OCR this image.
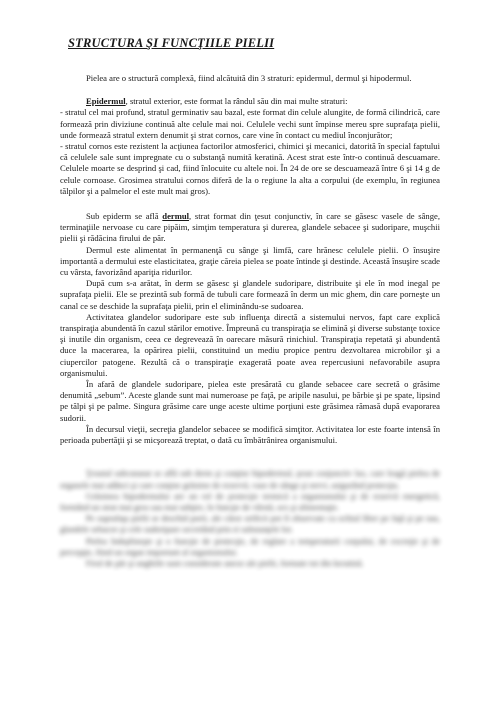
STRUCTURA ŞI FUNCŢIILE PIELII

Pielea are o structură complexă, fiind alcătuită din 3 straturi: epidermul, dermul şi hipodermul.

Epidermul, stratul exterior, este format la rândul său din mai multe straturi:

- stratul cel mai profund, stratul germinativ sau bazal, este format din celule alungite, de formă cilindrică, care formează prin diviziune continuă alte celule mai noi. Celulele vechi sunt împinse mereu spre suprafaţa pielii, unde formează stratul extern denumit şi strat cornos, care vine în contact cu mediul înconjurător;

- stratul cornos este rezistent la acţiunea factorilor atmosferici, chimici şi mecanici, datorită în special faptului că celulele sale sunt impregnate cu o substanţă numită keratină. Acest strat este într-o continuă descuamare. Celulele moarte se desprind şi cad, fiind înlocuite cu altele noi. În 24 de ore se descuamează între 6 şi 14 g de celule cornoase. Grosimea stratului cornos diferă de la o regiune la alta a corpului (de exemplu, în regiunea tălpilor şi a palmelor el este mult mai gros).

Sub epiderm se află dermul, strat format din ţesut conjunctiv, în care se găsesc vasele de sânge, terminaţiile nervoase cu care pipăim, simţim temperatura şi durerea, glandele sebacee şi sudoripare, muşchii pielii şi rădăcina firului de păr.

Dermul este alimentat în permanenţă cu sânge şi limfă, care hrănesc celulele pielii. O însuşire importantă a dermului este elasticitatea, graţie căreia pielea se poate întinde şi destinde. Această însuşire scade cu vârsta, favorizând apariţia ridurilor.

După cum s-a arătat, în derm se găsesc şi glandele sudoripare, distribuite şi ele în mod inegal pe suprafaţa pielii. Ele se prezintă sub formă de tubuli care formează în derm un mic ghem, din care porneşte un canal ce se deschide la suprafaţa pielii, prin el eliminându-se sudoarea.

Activitatea glandelor sudoripare este sub influenţa directă a sistemului nervos, fapt care explică transpiraţia abundentă în cazul stărilor emotive. Împreună cu transpiraţia se elimină şi diverse substanţe toxice şi inutile din organism, ceea ce degrevează în oarecare măsură rinichiul. Transpiraţia repetată şi abundentă duce la macerarea, la opărirea pielii, constituind un mediu propice pentru dezvoltarea microbilor şi a ciupercilor patogene. Rezultă că o transpiraţie exagerată poate avea repercusiuni nefavorabile asupra organismului.

În afară de glandele sudoripare, pielea este presărată cu glande sebacee care secretă o grăsime denumită „sebum”. Aceste glande sunt mai numeroase pe faţă, pe aripile nasului, pe bărbie şi pe spate, lipsind pe tălpi şi pe palme. Singura grăsime care unge aceste ultime porţiuni este grăsimea rămasă după evaporarea sudorii.

În decursul vieţii, secreţia glandelor sebacee se modifică simţitor. Activitatea lor este foarte intensă în perioada pubertăţii şi se micşorează treptat, o dată cu îmbătrânirea organismului.

Ţesutul subcutanat se află sub derm şi conţine hipodermul, ţesut conjunctiv lax, care leagă pielea de organele mai adânci şi care conţine grăsime de rezervă, vase de sânge şi nervi, asigurând protecţia.

Grăsimea hipodermului are un rol de protecţie termică a organismului şi de rezervă energetică, formând un strat mai gros sau mai subţire, în funcţie de vârstă, sex şi alimentaţie.

Pe suprafaţa pielii se deschid porii, ale căror orificii pot fi observate cu ochiul liber pe faţă şi pe nas, glandele sebacee şi cele sudoripare secretând prin ei substanţele lor.

Pielea îndeplineşte şi o funcţie de protecţie, de reglare a temperaturii corpului, de excreţie şi de percepţie, fiind un organ important al organismului.

Firul de păr şi unghiile sunt considerate anexe ale pielii, formate tot din keratină.
